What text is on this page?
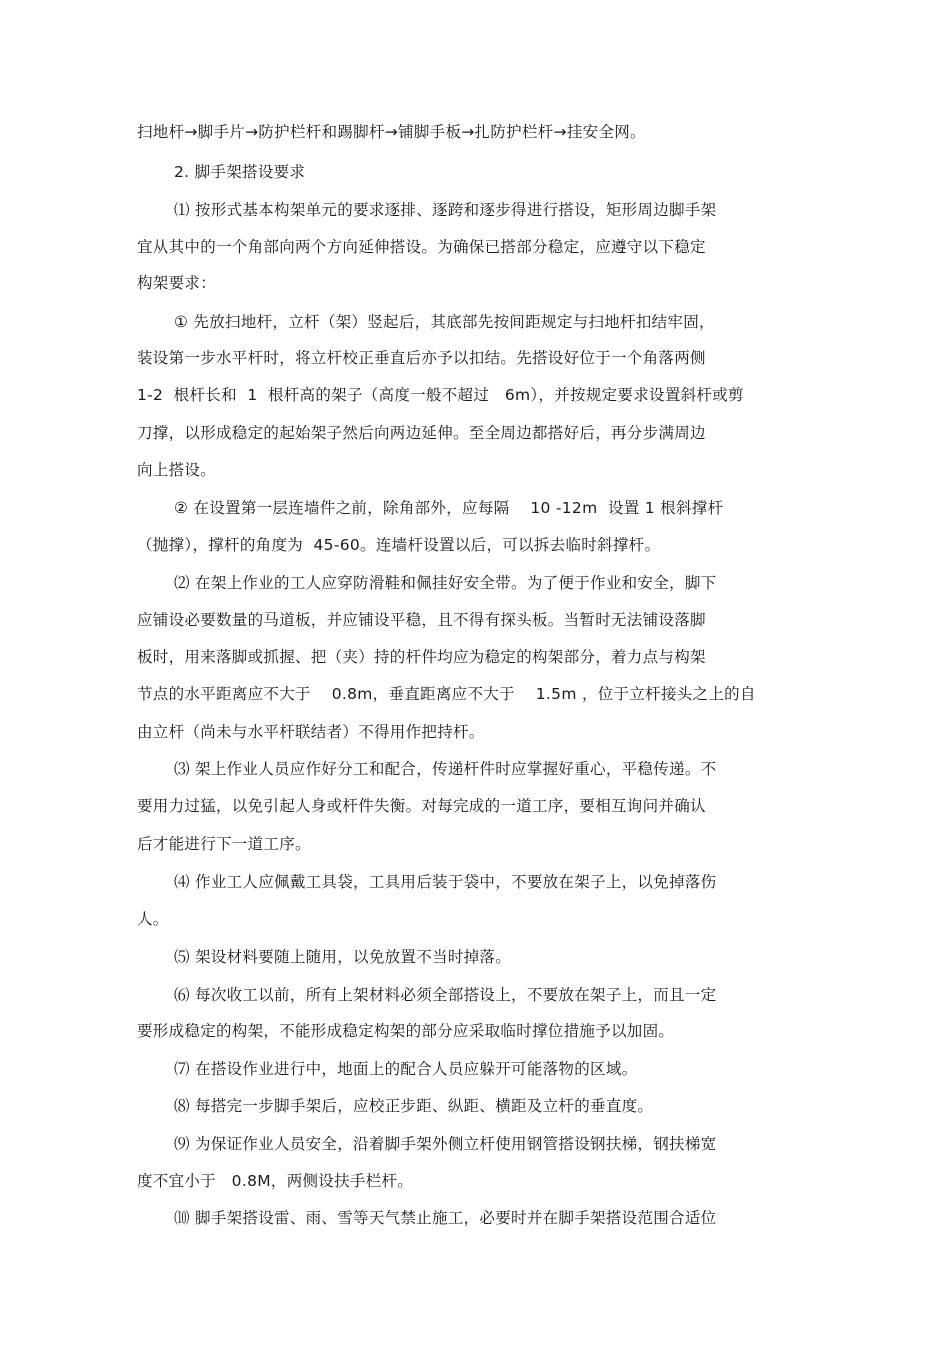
扫地杆→脚手片→防护栏杆和踢脚杆→铺脚手板→扎防护栏杆→挂安全网。
2. 脚手架搭设要求
⑴ 按形式基本构架单元的要求逐排、逐跨和逐步得进行搭设，矩形周边脚手架
宜从其中的一个角部向两个方向延伸搭设。为确保已搭部分稳定，应遵守以下稳定
构架要求：
① 先放扫地杆，立杆（架）竖起后，其底部先按间距规定与扫地杆扣结牢固，
装设第一步水平杆时，将立杆校正垂直后亦予以扣结。先搭设好位于一个角落两侧
1-2  根杆长和  1  根杆高的架子（高度一般不超过   6m），并按规定要求设置斜杆或剪
刀撑，以形成稳定的起始架子然后向两边延伸。至全周边都搭好后，再分步满周边
向上搭设。
② 在设置第一层连墙件之前，除角部外，应每隔    10 -12m  设置 1 根斜撑杆
（抛撑），撑杆的角度为  45-60。连墙杆设置以后，可以拆去临时斜撑杆。
⑵ 在架上作业的工人应穿防滑鞋和佩挂好安全带。为了便于作业和安全，脚下
应铺设必要数量的马道板，并应铺设平稳，且不得有探头板。当暂时无法铺设落脚
板时，用来落脚或抓握、把（夹）持的杆件均应为稳定的构架部分，着力点与构架
节点的水平距离应不大于    0.8m，垂直距离应不大于    1.5m ，位于立杆接头之上的自
由立杆（尚未与水平杆联结者）不得用作把持杆。
⑶ 架上作业人员应作好分工和配合，传递杆件时应掌握好重心，平稳传递。不
要用力过猛，以免引起人身或杆件失衡。对每完成的一道工序，要相互询问并确认
后才能进行下一道工序。
⑷ 作业工人应佩戴工具袋，工具用后装于袋中，不要放在架子上，以免掉落伤
人。
⑸ 架设材料要随上随用，以免放置不当时掉落。
⑹ 每次收工以前，所有上架材料必须全部搭设上，不要放在架子上，而且一定
要形成稳定的构架，不能形成稳定构架的部分应采取临时撑位措施予以加固。
⑺ 在搭设作业进行中，地面上的配合人员应躲开可能落物的区域。
⑻ 每搭完一步脚手架后，应校正步距、纵距、横距及立杆的垂直度。
⑼ 为保证作业人员安全，沿着脚手架外侧立杆使用钢管搭设钢扶梯，钢扶梯宽
度不宜小于   0.8M，两侧设扶手栏杆。
⑽ 脚手架搭设雷、雨、雪等天气禁止施工，必要时并在脚手架搭设范围合适位
